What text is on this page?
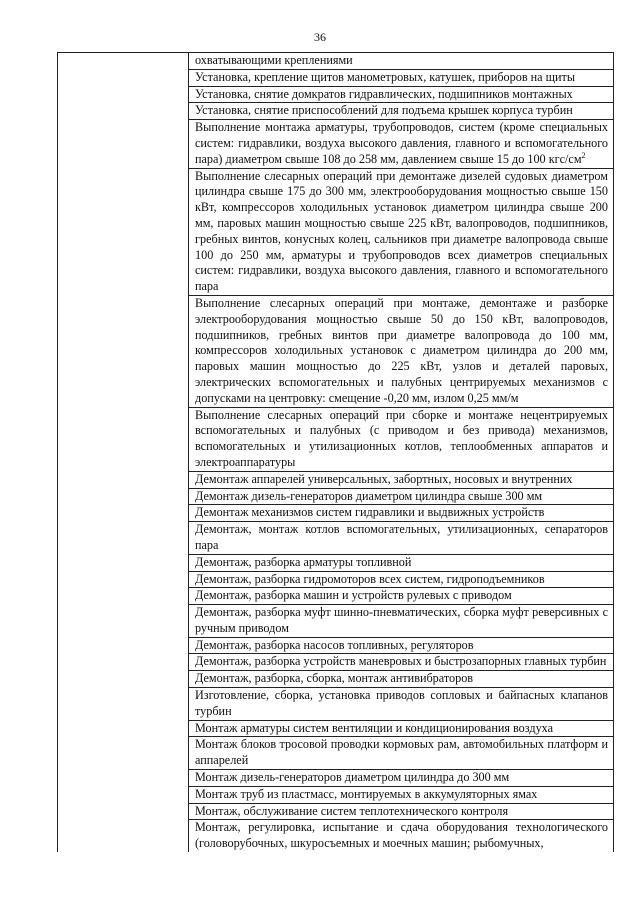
36
охватывающими креплениями
Установка, крепление щитов манометровых, катушек, приборов на щиты
Установка, снятие домкратов гидравлических, подшипников монтажных
Установка, снятие приспособлений для подъема крышек корпуса турбин
Выполнение монтажа арматуры, трубопроводов, систем (кроме специальных систем: гидравлики, воздуха высокого давления, главного и вспомогательного пара) диаметром свыше 108 до 258 мм, давлением свыше 15 до 100 кгс/$см^2$
Выполнение слесарных операций при демонтаже дизелей судовых диаметром цилиндра свыше 175 до 300 мм, электрооборудования мощностью свыше 150 кВт, компрессоров холодильных установок диаметром цилиндра свыше 200 мм, паровых машин мощностью свыше 225 кВт, валопроводов, подшипников, гребных винтов, конусных колец, сальников при диаметре валопровода свыше 100 до 250 мм, арматуры и трубопроводов всех диаметров специальных систем: гидравлики, воздуха высокого давления, главного и вспомогательного пара
Выполнение слесарных операций при монтаже, демонтаже и разборке электрооборудования мощностью свыше 50 до 150 кВт, валопроводов, подшипников, гребных винтов при диаметре валопровода до 100 мм, компрессоров холодильных установок с диаметром цилиндра до 200 мм, паровых машин мощностью до 225 кВт, узлов и деталей паровых, электрических вспомогательных и палубных центрируемых механизмов с допусками на центровку: смещение -0,20 мм, излом 0,25 мм/м
Выполнение слесарных операций при сборке и монтаже нецентрируемых вспомогательных и палубных (с приводом и без привода) механизмов, вспомогательных и утилизационных котлов, теплообменных аппаратов и электроаппаратуры
Демонтаж аппарелей универсальных, забортных, носовых и внутренних
Демонтаж дизель-генераторов диаметром цилиндра свыше 300 мм
Демонтаж механизмов систем гидравлики и выдвижных устройств
Демонтаж, монтаж котлов вспомогательных, утилизационных, сепараторов пара
Демонтаж, разборка арматуры топливной
Демонтаж, разборка гидромоторов всех систем, гидроподъемников
Демонтаж, разборка машин и устройств рулевых с приводом
Демонтаж, разборка муфт шинно-пневматических, сборка муфт реверсивных с ручным приводом
Демонтаж, разборка насосов топливных, регуляторов
Демонтаж, разборка устройств маневровых и быстрозапорных главных турбин
Демонтаж, разборка, сборка, монтаж антивибраторов
Изготовление, сборка, установка приводов сопловых и байпасных клапанов турбин
Монтаж арматуры систем вентиляции и кондиционирования воздуха
Монтаж блоков тросовой проводки кормовых рам, автомобильных платформ и аппарелей
Монтаж дизель-генераторов диаметром цилиндра до 300 мм
Монтаж труб из пластмасс, монтируемых в аккумуляторных ямах
Монтаж, обслуживание систем теплотехнического контроля
Монтаж, регулировка, испытание и сдача оборудования технологического (головорубочных, шкуросъемных и моечных машин; рыбомучных,
